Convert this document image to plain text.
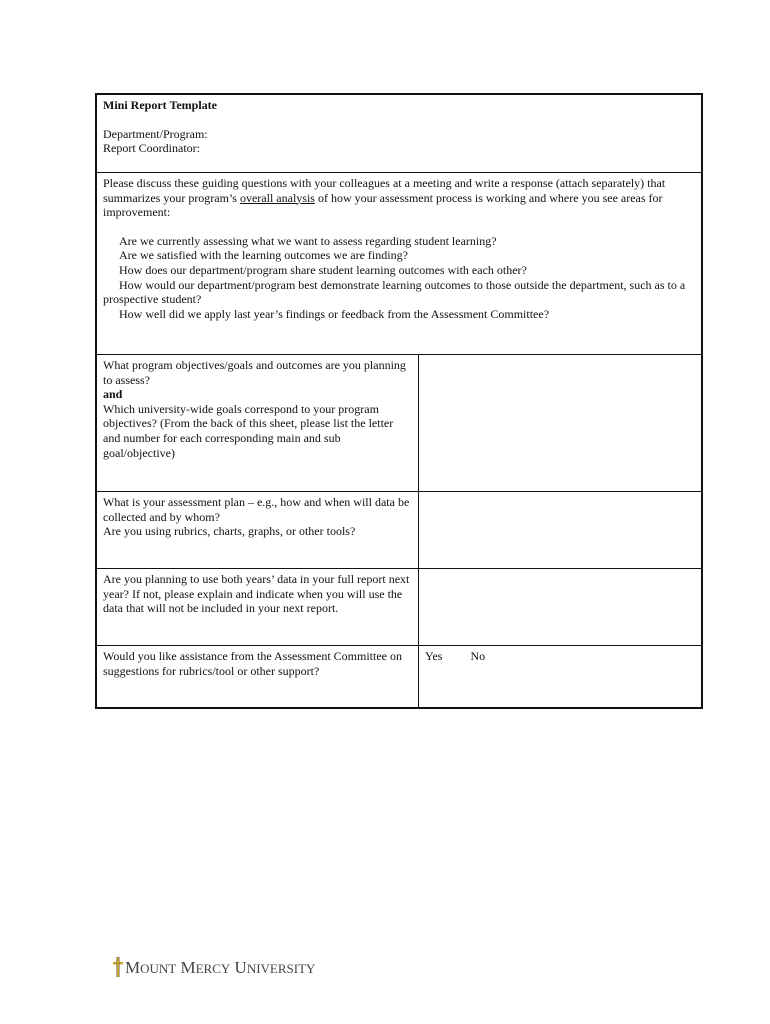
Mini Report Template

Department/Program:

Report Coordinator:

Please discuss these guiding questions with your colleagues at a meeting and write a response (attach separately) that summarizes your program’s overall analysis of how your assessment process is working and where you see areas for improvement:

Are we currently assessing what we want to assess regarding student learning?

Are we satisfied with the learning outcomes we are finding?

How does our department/program share student learning outcomes with each other?

How would our department/program best demonstrate learning outcomes to those outside the department, such as to a prospective student?

How well did we apply last year’s findings or feedback from the Assessment Committee?

What program objectives/goals and outcomes are you planning to assess?

and

Which university-wide goals correspond to your program objectives? (From the back of this sheet, please list the letter and number for each corresponding main and sub goal/objective)

What is your assessment plan – e.g., how and when will data be collected and by whom?

Are you using rubrics, charts, graphs, or other tools?

Are you planning to use both years’ data in your full report next year? If not, please explain and indicate when you will use the data that will not be included in your next report.

Would you like assistance from the Assessment Committee on suggestions for rubrics/tool or other support?

Yes No
MOUNT MERCY UNIVERSITY
